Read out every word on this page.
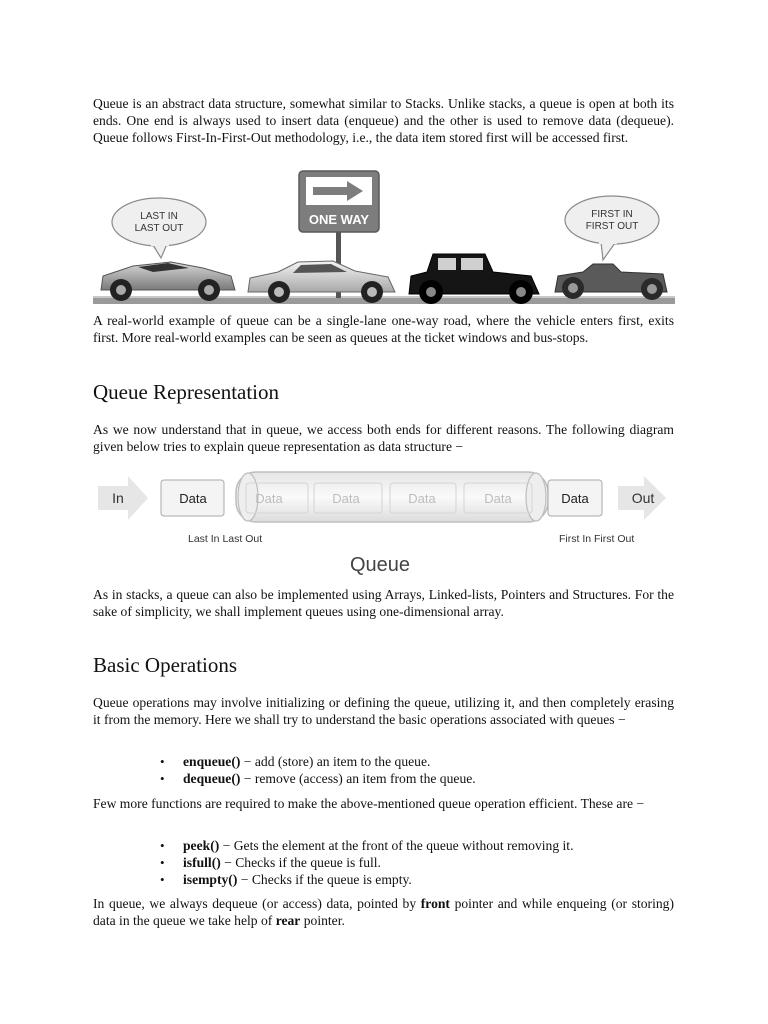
Queue is an abstract data structure, somewhat similar to Stacks. Unlike stacks, a queue is open at both its ends. One end is always used to insert data (enqueue) and the other is used to remove data (dequeue). Queue follows First-In-First-Out methodology, i.e., the data item stored first will be accessed first.

LAST IN
LAST OUT
ONE WAY	FIRST IN
FIRST OUT

A real-world example of queue can be a single-lane one-way road, where the vehicle enters first, exits first. More real-world examples can be seen as queues at the ticket windows and bus-stops.

Queue Representation

As we now understand that in queue, we access both ends for different reasons. The following diagram given below tries to explain queue representation as data structure −

In	Data	Data	Data	Data	Data	Data	Out
Last In Last Out	First In First Out
Queue

As in stacks, a queue can also be implemented using Arrays, Linked-lists, Pointers and Structures. For the sake of simplicity, we shall implement queues using one-dimensional array.

Basic Operations

Queue operations may involve initializing or defining the queue, utilizing it, and then completely erasing it from the memory. Here we shall try to understand the basic operations associated with queues −

• enqueue() − add (store) an item to the queue.
• dequeue() − remove (access) an item from the queue.

Few more functions are required to make the above-mentioned queue operation efficient. These are −

• peek() − Gets the element at the front of the queue without removing it.
• isfull() − Checks if the queue is full.
• isempty() − Checks if the queue is empty.

In queue, we always dequeue (or access) data, pointed by front pointer and while enqueing (or storing) data in the queue we take help of rear pointer.
